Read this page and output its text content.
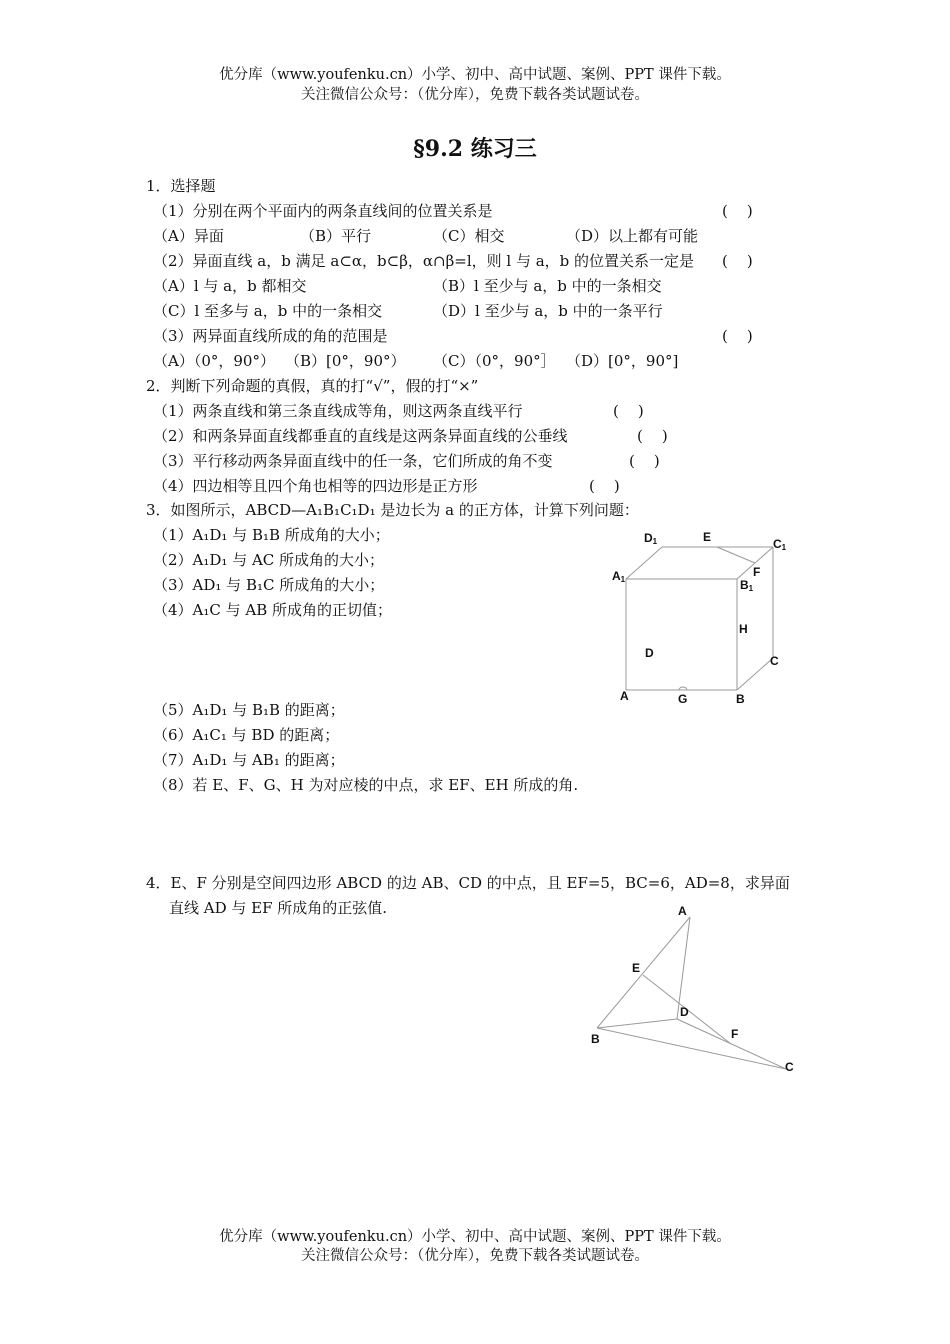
优分库（www.youfenku.cn）小学、初中、高中试题、案例、PPT 课件下载。
关注微信公众号：（优分库），免费下载各类试题试卷。
§9.2 练习三
1．选择题
（1）分别在两个平面内的两条直线间的位置关系是	(    )
（A）异面	（B）平行	（C）相交	（D）以上都有可能
（2）异面直线 a，b 满足 a⊂α，b⊂β，α∩β=l，则 l 与 a，b 的位置关系一定是 (    )
（A）l 与 a，b 都相交	（B）l 至少与 a，b 中的一条相交
（C）l 至多与 a，b 中的一条相交	（D）l 至少与 a，b 中的一条平行
（3）两异面直线所成的角的范围是	(    )
（A）（0°，90°） （B）[0°，90°） （C）（0°，90°］ （D）[0°，90°]
2．判断下列命题的真假，真的打“√”，假的打“×”
（1）两条直线和第三条直线成等角，则这两条直线平行	(    )
（2）和两条异面直线都垂直的直线是这两条异面直线的公垂线	(    )
（3）平行移动两条异面直线中的任一条，它们所成的角不变	(    )
（4）四边相等且四个角也相等的四边形是正方形	(    )
3．如图所示，ABCD—A₁B₁C₁D₁ 是边长为 a 的正方体，计算下列问题：
（1）A₁D₁ 与 B₁B 所成角的大小；
（2）A₁D₁ 与 AC 所成角的大小；
（3）AD₁ 与 B₁C 所成角的大小；
（4）A₁C 与 AB 所成角的正切值；
（5）A₁D₁ 与 B₁B 的距离；
（6）A₁C₁ 与 BD 的距离；
（7）A₁D₁ 与 AB₁ 的距离；
（8）若 E、F、G、H 为对应棱的中点，求 EF、EH 所成的角.
D1	E	C1
A1
F
B1
H
D
C
A	G	B
4．E、F 分别是空间四边形 ABCD 的边 AB、CD 的中点，且 EF=5，BC=6，AD=8，求异面
直线 AD 与 EF 所成角的正弦值.	A
E
D
F
B
C
优分库（www.youfenku.cn）小学、初中、高中试题、案例、PPT 课件下载。
关注微信公众号：（优分库），免费下载各类试题试卷。
